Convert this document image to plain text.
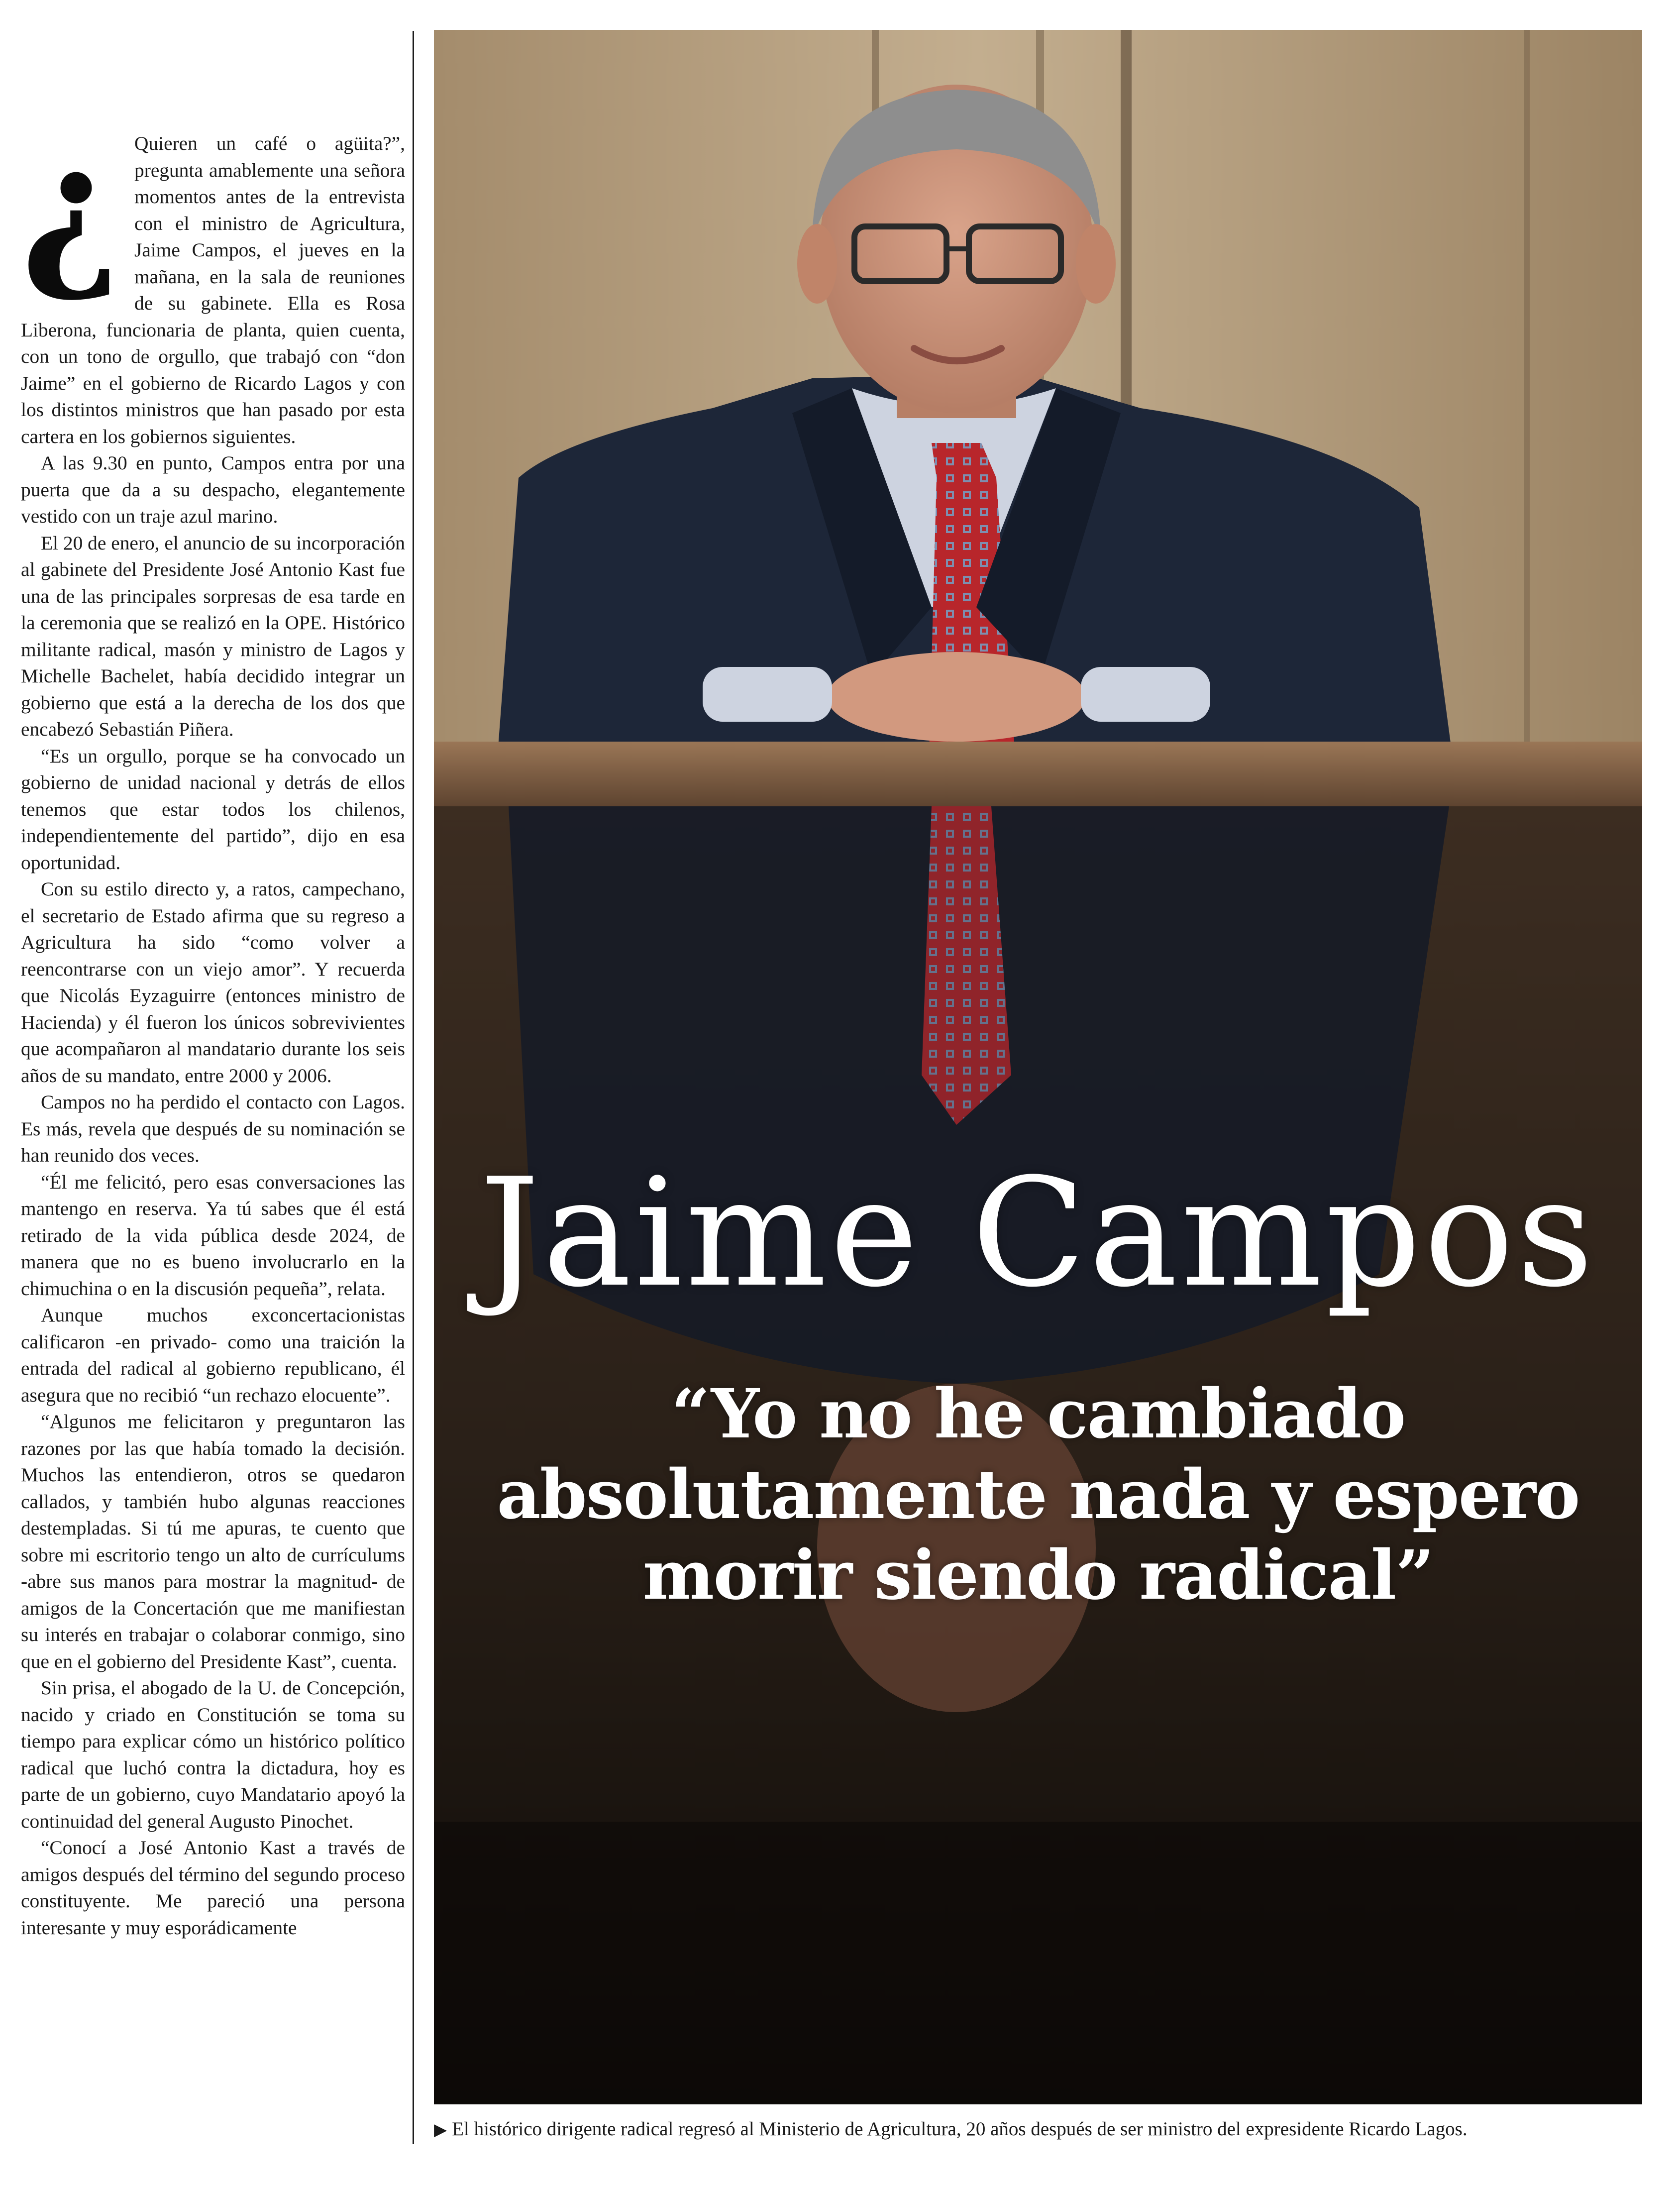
¿ Quieren un café o agüita?”, pregunta amablemente una señora momentos antes de la entrevista con el ministro de Agricultura, Jaime Campos, el jueves en la mañana, en la sala de reuniones de su gabinete. Ella es Rosa Liberona, funcionaria de planta, quien cuenta, con un tono de orgullo, que trabajó con “don Jaime” en el gobierno de Ricardo Lagos y con los distintos ministros que han pasado por esta cartera en los gobiernos siguientes.

A las 9.30 en punto, Campos entra por una puerta que da a su despacho, elegantemente vestido con un traje azul marino.

El 20 de enero, el anuncio de su incorporación al gabinete del Presidente José Antonio Kast fue una de las principales sorpresas de esa tarde en la ceremonia que se realizó en la OPE. Histórico militante radical, masón y ministro de Lagos y Michelle Bachelet, había decidido integrar un gobierno que está a la derecha de los dos que encabezó Sebastián Piñera.

“Es un orgullo, porque se ha convocado un gobierno de unidad nacional y detrás de ellos tenemos que estar todos los chilenos, independientemente del partido”, dijo en esa oportunidad.

Con su estilo directo y, a ratos, campechano, el secretario de Estado afirma que su regreso a Agricultura ha sido “como volver a reencontrarse con un viejo amor”. Y recuerda que Nicolás Eyzaguirre (entonces ministro de Hacienda) y él fueron los únicos sobrevivientes que acompañaron al mandatario durante los seis años de su mandato, entre 2000 y 2006.

Campos no ha perdido el contacto con Lagos. Es más, revela que después de su nominación se han reunido dos veces.

“Él me felicitó, pero esas conversaciones las mantengo en reserva. Ya tú sabes que él está retirado de la vida pública desde 2024, de manera que no es bueno involucrarlo en la chimuchina o en la discusión pequeña”, relata.

Aunque muchos exconcertacionistas calificaron -en privado- como una traición la entrada del radical al gobierno republicano, él asegura que no recibió “un rechazo elocuente”.

“Algunos me felicitaron y preguntaron las razones por las que había tomado la decisión. Muchos las entendieron, otros se quedaron callados, y también hubo algunas reacciones destempladas. Si tú me apuras, te cuento que sobre mi escritorio tengo un alto de currículums -abre sus manos para mostrar la magnitud- de amigos de la Concertación que me manifiestan su interés en trabajar o colaborar conmigo, sino que en el gobierno del Presidente Kast”, cuenta.

Sin prisa, el abogado de la U. de Concepción, nacido y criado en Constitución se toma su tiempo para explicar cómo un histórico político radical que luchó contra la dictadura, hoy es parte de un gobierno, cuyo Mandatario apoyó la continuidad del general Augusto Pinochet.

“Conocí a José Antonio Kast a través de amigos después del término del segundo proceso constituyente. Me pareció una persona interesante y muy esporádicamente

Jaime Campos
“Yo no he cambiado
absolutamente nada y espero
morir siendo radical”
▶ El histórico dirigente radical regresó al Ministerio de Agricultura, 20 años después de ser ministro del expresidente Ricardo Lagos.
